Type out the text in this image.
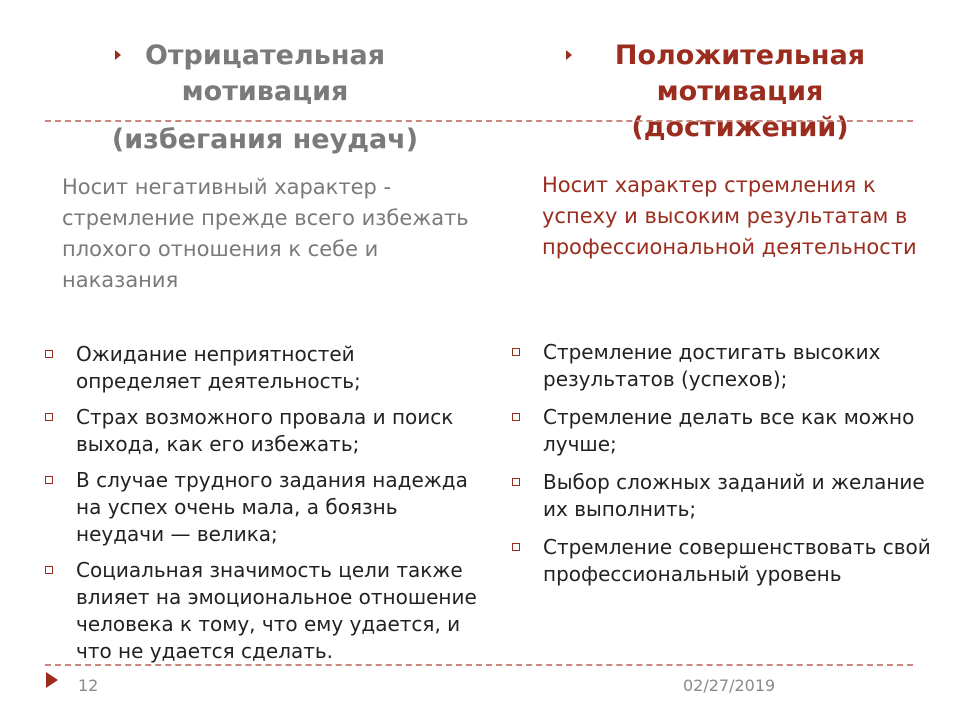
Отрицательная
мотивация
Положительная
мотивация
(достижений)
(избегания неудач)
Носит негативный характер - стремление прежде всего избежать плохого отношения к себе и наказания
Носит характер стремления к успеху и высоким результатам в профессиональной деятельности
Ожидание неприятностей определяет деятельность;
Страх возможного провала и поиск выхода, как его избежать;
В случае трудного задания надежда на успех очень мала, а боязнь неудачи — велика;
Социальная значимость цели также влияет на эмоциональное отношение человека к тому, что ему удается, и что не удается сделать.
Стремление достигать высоких результатов (успехов);
Стремление делать все как можно лучше;
Выбор сложных заданий и желание их выполнить;
Стремление совершенствовать свой профессиональный уровень
12	02/27/2019
